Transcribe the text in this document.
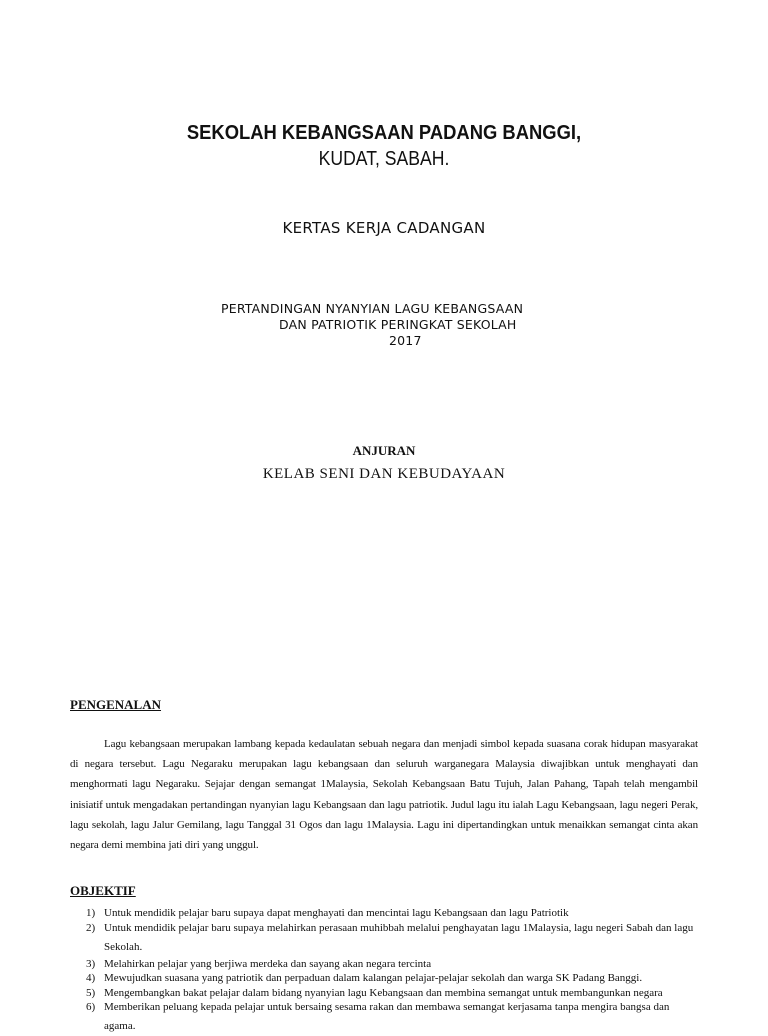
SEKOLAH KEBANGSAAN PADANG BANGGI,
KUDAT, SABAH.
KERTAS KERJA CADANGAN
PERTANDINGAN NYANYIAN LAGU KEBANGSAAN
DAN PATRIOTIK PERINGKAT SEKOLAH
2017
ANJURAN
KELAB SENI DAN KEBUDAYAAN
PENGENALAN
Lagu kebangsaan merupakan lambang kepada kedaulatan sebuah negara dan menjadi simbol kepada suasana corak hidupan masyarakat di negara tersebut. Lagu Negaraku merupakan lagu kebangsaan dan seluruh warganegara Malaysia diwajibkan untuk menghayati dan menghormati lagu Negaraku. Sejajar dengan semangat 1Malaysia, Sekolah Kebangsaan Batu Tujuh, Jalan Pahang, Tapah telah mengambil inisiatif untuk mengadakan pertandingan nyanyian lagu Kebangsaan dan lagu patriotik. Judul lagu itu ialah Lagu Kebangsaan, lagu negeri Perak, lagu sekolah, lagu Jalur Gemilang, lagu Tanggal 31 Ogos dan lagu 1Malaysia. Lagu ini dipertandingkan untuk menaikkan semangat cinta akan negara demi membina jati diri yang unggul.
OBJEKTIF
1) Untuk mendidik pelajar baru supaya dapat menghayati dan mencintai lagu Kebangsaan dan lagu Patriotik
2) Untuk mendidik pelajar baru supaya melahirkan perasaan muhibbah melalui penghayatan lagu 1Malaysia, lagu negeri Sabah dan lagu Sekolah.
3) Melahirkan pelajar yang berjiwa merdeka dan sayang akan negara tercinta
4) Mewujudkan suasana yang patriotik dan perpaduan dalam kalangan pelajar-pelajar sekolah dan warga SK Padang Banggi.
5) Mengembangkan bakat pelajar dalam bidang nyanyian lagu Kebangsaan dan membina semangat untuk membangunkan negara
6) Memberikan peluang kepada pelajar untuk bersaing sesama rakan dan membawa semangat kerjasama tanpa mengira bangsa dan agama.
